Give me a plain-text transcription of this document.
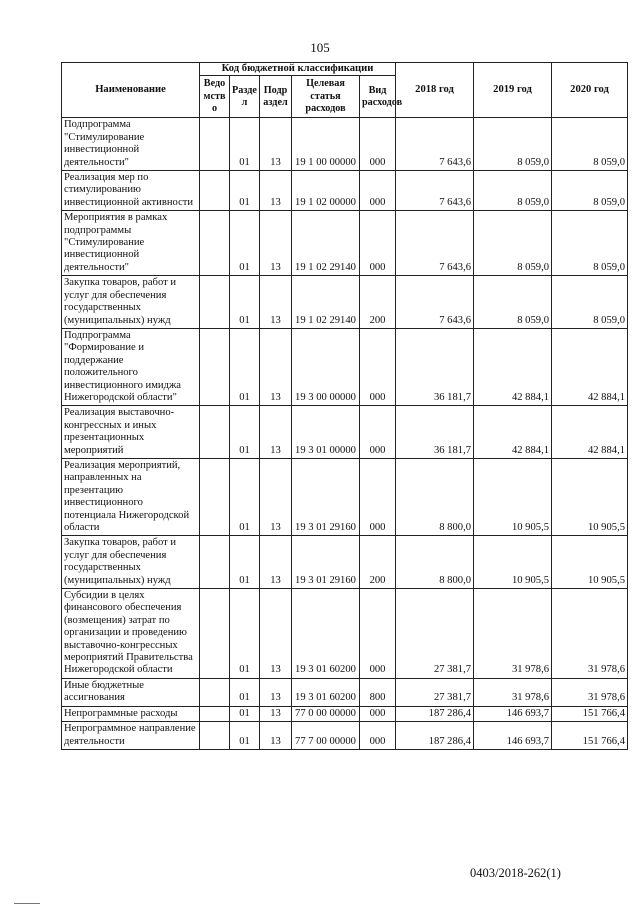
105
Наименование	Код бюджетной классификации					2018 год	2019 год	2020 год
	Ведомство	Раздел	Подраздел	Целевая статья расходов	Вид расходов			
Подпрограмма "Стимулирование инвестиционной деятельности"		01	13	19 1 00 00000	000	7 643,6	8 059,0	8 059,0
Реализация мер по стимулированию инвестиционной активности		01	13	19 1 02 00000	000	7 643,6	8 059,0	8 059,0
Мероприятия в рамках подпрограммы "Стимулирование инвестиционной деятельности"		01	13	19 1 02 29140	000	7 643,6	8 059,0	8 059,0
Закупка товаров, работ и услуг для обеспечения государственных (муниципальных) нужд		01	13	19 1 02 29140	200	7 643,6	8 059,0	8 059,0
Подпрограмма "Формирование и поддержание положительного инвестиционного имиджа Нижегородской области"		01	13	19 3 00 00000	000	36 181,7	42 884,1	42 884,1
Реализация выставочно-конгрессных и иных презентационных мероприятий		01	13	19 3 01 00000	000	36 181,7	42 884,1	42 884,1
Реализация мероприятий, направленных на презентацию инвестиционного потенциала Нижегородской области		01	13	19 3 01 29160	000	8 800,0	10 905,5	10 905,5
Закупка товаров, работ и услуг для обеспечения государственных (муниципальных) нужд		01	13	19 3 01 29160	200	8 800,0	10 905,5	10 905,5
Субсидии в целях финансового обеспечения (возмещения) затрат по организации и проведению выставочно-конгрессных мероприятий Правительства Нижегородской области		01	13	19 3 01 60200	000	27 381,7	31 978,6	31 978,6
Иные бюджетные ассигнования		01	13	19 3 01 60200	800	27 381,7	31 978,6	31 978,6
Непрограммные расходы		01	13	77 0 00 00000	000	187 286,4	146 693,7	151 766,4
Непрограммное направление деятельности		01	13	77 7 00 00000	000	187 286,4	146 693,7	151 766,4
0403/2018-262(1)
